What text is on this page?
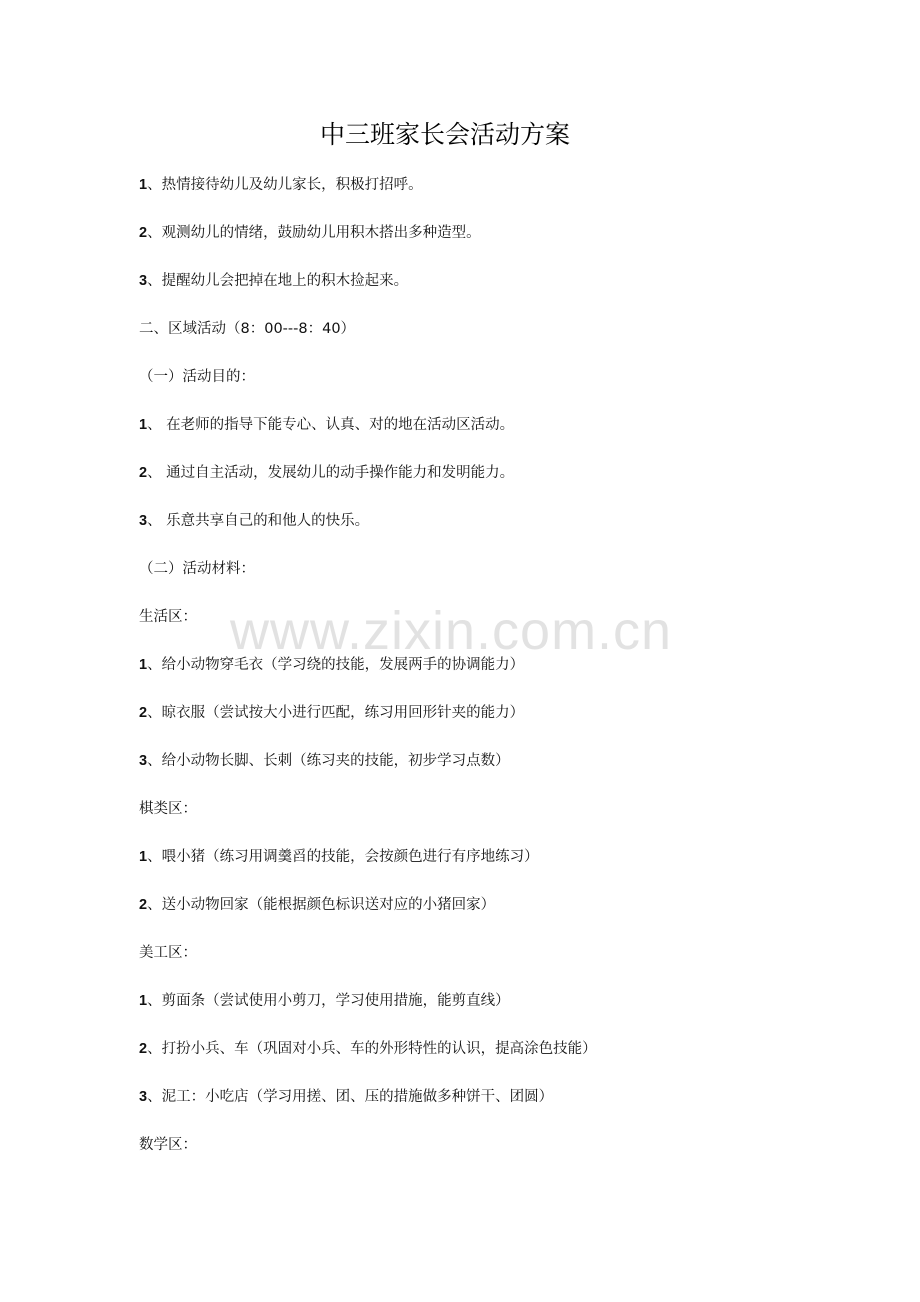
中三班家长会活动方案

1、热情接待幼儿及幼儿家长，积极打招呼。

2、观测幼儿的情绪，鼓励幼儿用积木搭出多种造型。

3、提醒幼儿会把掉在地上的积木捡起来。

二、区域活动（8：00---8：40）

（一）活动目的：

1、 在老师的指导下能专心、认真、对的地在活动区活动。

2、 通过自主活动，发展幼儿的动手操作能力和发明能力。

3、 乐意共享自己的和他人的快乐。

（二）活动材料：

生活区：

1、给小动物穿毛衣（学习绕的技能，发展两手的协调能力）

2、晾衣服（尝试按大小进行匹配，练习用回形针夹的能力）

3、给小动物长脚、长刺（练习夹的技能，初步学习点数）

棋类区：

1、喂小猪（练习用调羹舀的技能，会按颜色进行有序地练习）

2、送小动物回家（能根据颜色标识送对应的小猪回家）

美工区：

1、剪面条（尝试使用小剪刀，学习使用措施，能剪直线）

2、打扮小兵、车（巩固对小兵、车的外形特性的认识，提高涂色技能）

3、泥工：小吃店（学习用搓、团、压的措施做多种饼干、团圆）

数学区：

www.zixin.com.cn
